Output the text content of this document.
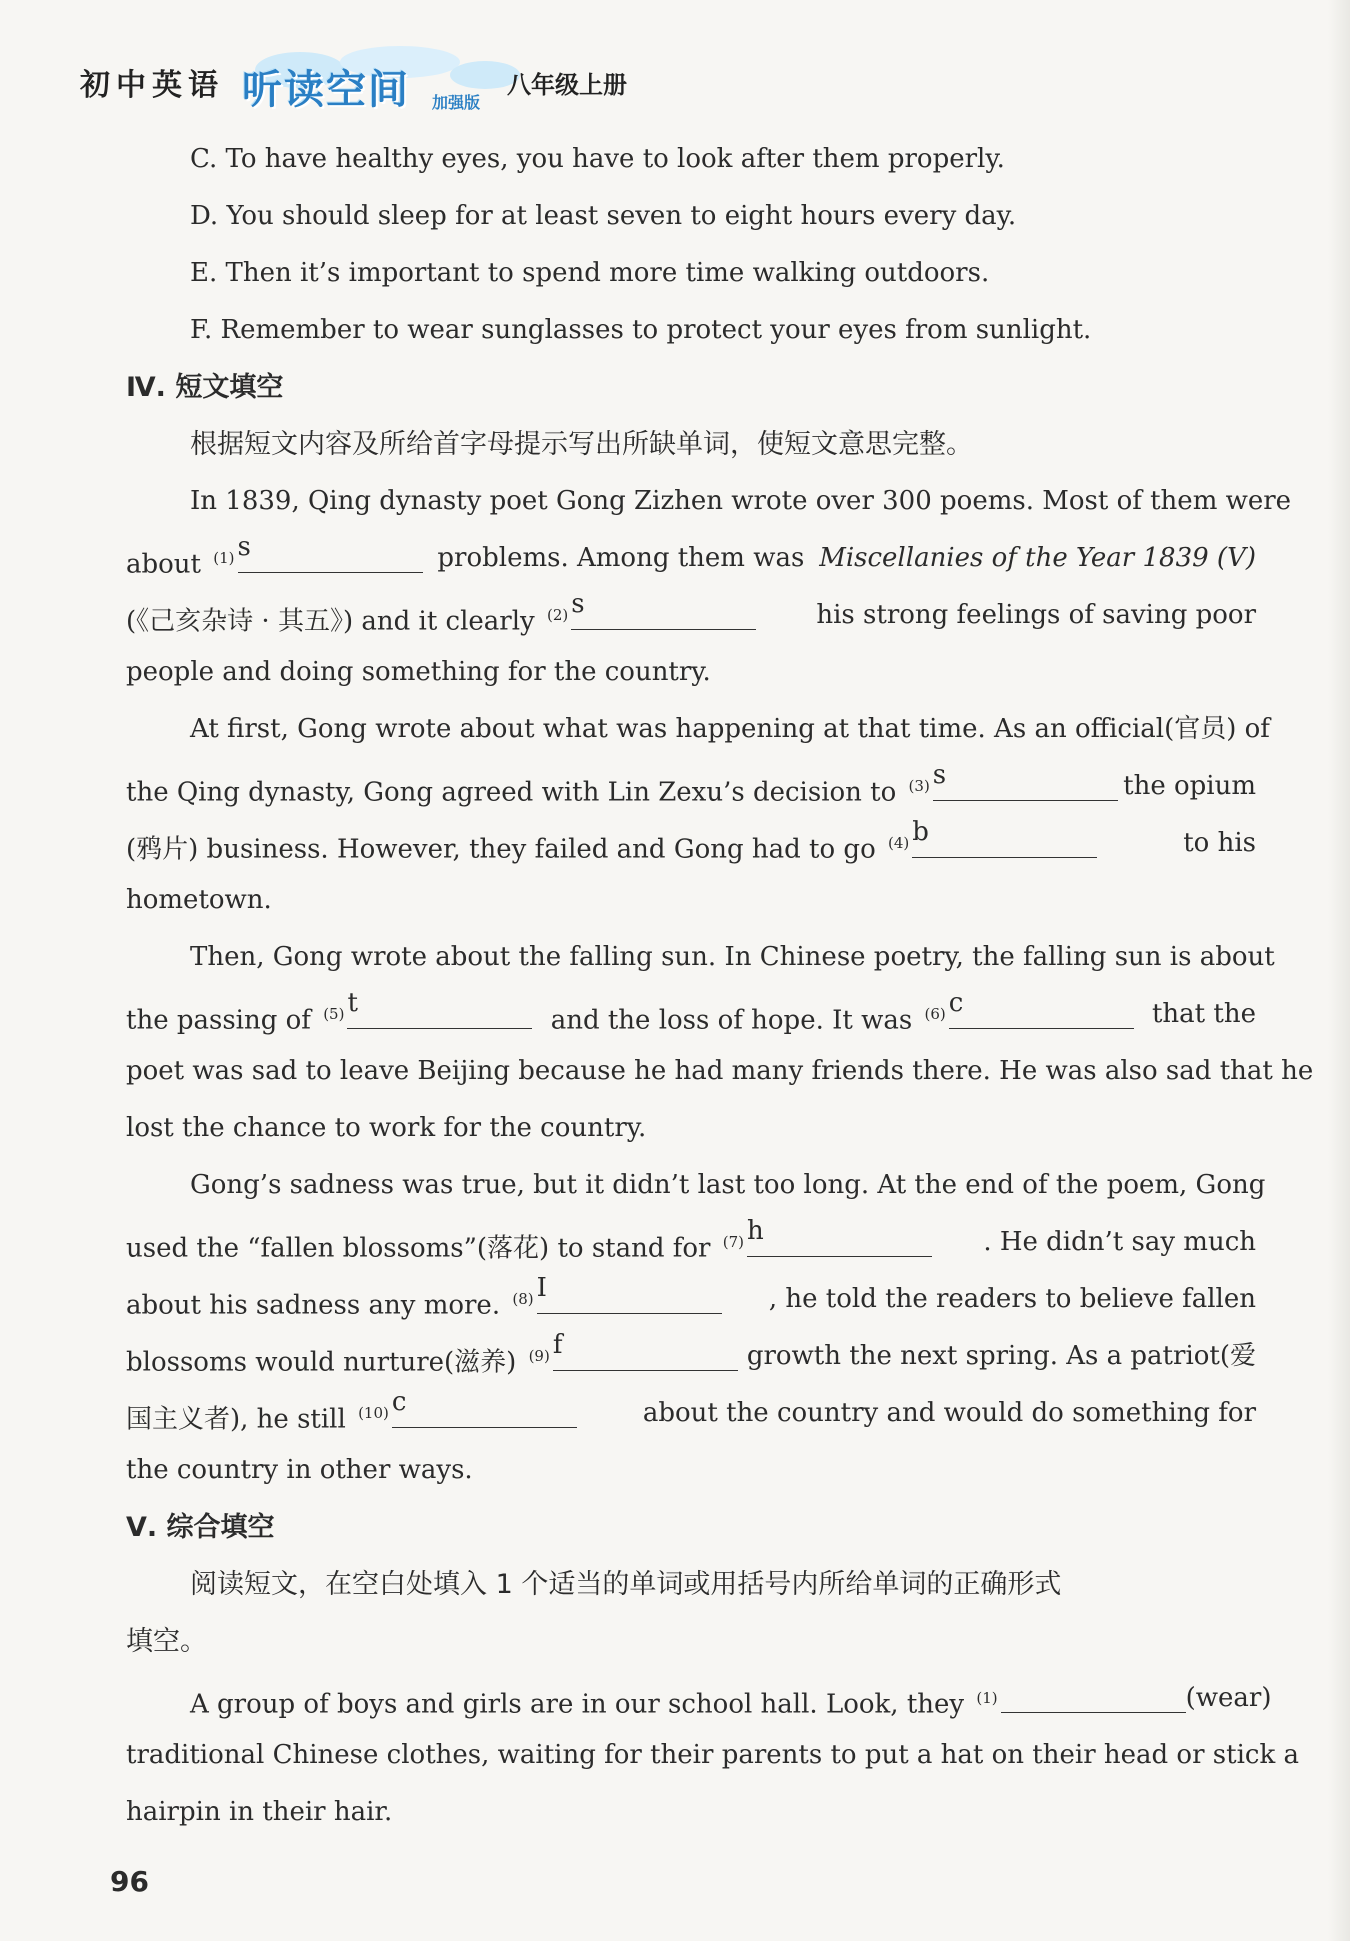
初中英语 听读空间 加强版
八年级上册
C. To have healthy eyes, you have to look after them properly.
D. You should sleep for at least seven to eight hours every day.
E. Then it’s important to spend more time walking outdoors.
F. Remember to wear sunglasses to protect your eyes from sunlight.
Ⅳ. 短文填空
根据短文内容及所给首字母提示写出所缺单词，使短文意思完整。
In 1839, Qing dynasty poet Gong Zizhen wrote over 300 poems. Most of them were
about $^{(1)}$ s	problems. Among them was Miscellanies of the Year 1839 (V)
(《己亥杂诗 · 其五》) and it clearly $^{(2)}$ s	his strong feelings of saving poor
people and doing something for the country.
At first, Gong wrote about what was happening at that time. As an official(官员) of
the Qing dynasty, Gong agreed with Lin Zexu’s decision to $^{(3)}$ s	the opium
(鸦片) business. However, they failed and Gong had to go $^{(4)}$ b	to his
hometown.
Then, Gong wrote about the falling sun. In Chinese poetry, the falling sun is about
the passing of $^{(5)}$ t
and the loss of hope. It was $^{(6)}$ c	that the
poet was sad to leave Beijing because he had many friends there. He was also sad that he
lost the chance to work for the country.
Gong’s sadness was true, but it didn’t last too long. At the end of the poem, Gong
used the “fallen blossoms”(落花) to stand for $^{(7)}$ h	. He didn’t say much
about his sadness any more. $^{(8)}$ I	, he told the readers to believe fallen
blossoms would nurture(滋养) $^{(9)}$ f	growth the next spring. As a patriot(爱
国主义者), he still $^{(10)}$ c	about the country and would do something for
the country in other ways.
Ⅴ. 综合填空
阅读短文，在空白处填入 1 个适当的单词或用括号内所给单词的正确形式
填空。
A group of boys and girls are in our school hall. Look, they $^{(1)}$	(wear)
traditional Chinese clothes, waiting for their parents to put a hat on their head or stick a
hairpin in their hair.
96
